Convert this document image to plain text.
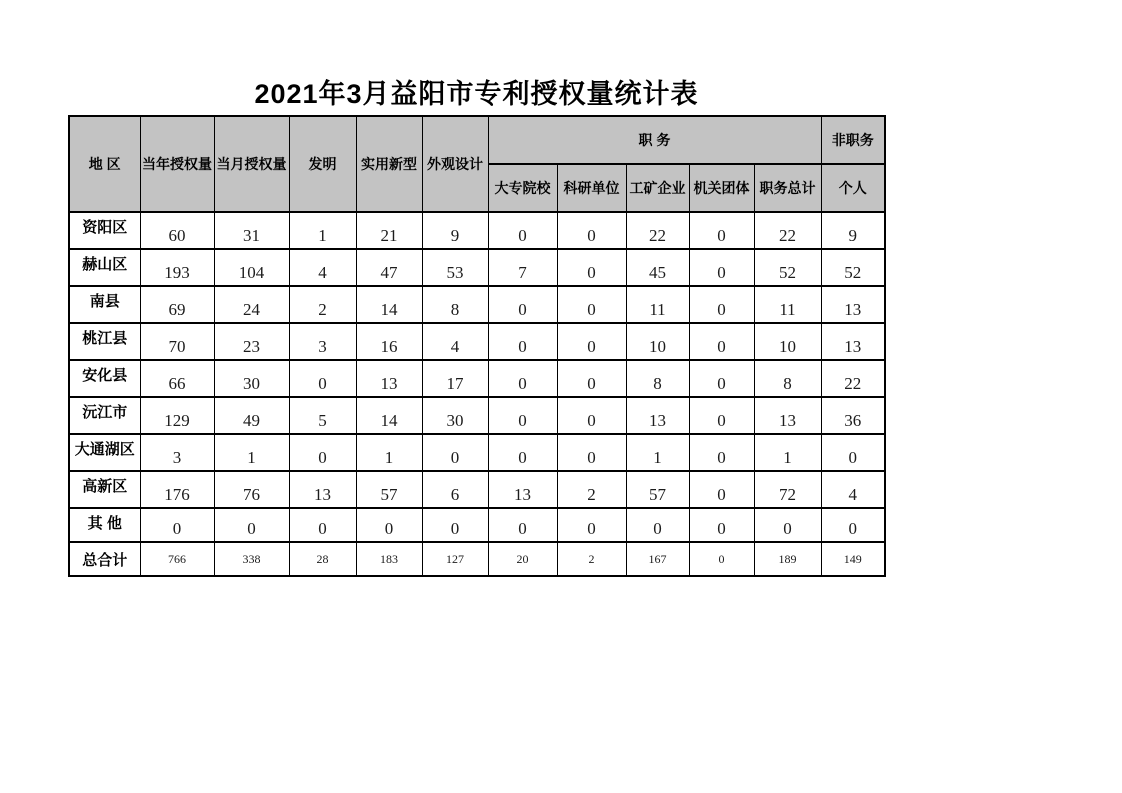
2021年3月益阳市专利授权量统计表
地 区	当年授权量	当月授权量	发明	实用新型	外观设计	职 务					非职务
						大专院校	科研单位	工矿企业	机关团体	职务总计	个人
资阳区	60	31	1	21	9	0	0	22	0	22	9
赫山区	193	104	4	47	53	7	0	45	0	52	52
南县	69	24	2	14	8	0	0	11	0	11	13
桃江县	70	23	3	16	4	0	0	10	0	10	13
安化县	66	30	0	13	17	0	0	8	0	8	22
沅江市	129	49	5	14	30	0	0	13	0	13	36
大通湖区	3	1	0	1	0	0	0	1	0	1	0
高新区	176	76	13	57	6	13	2	57	0	72	4
其 他	0	0	0	0	0	0	0	0	0	0	0
总合计	766	338	28	183	127	20	2	167	0	189	149
